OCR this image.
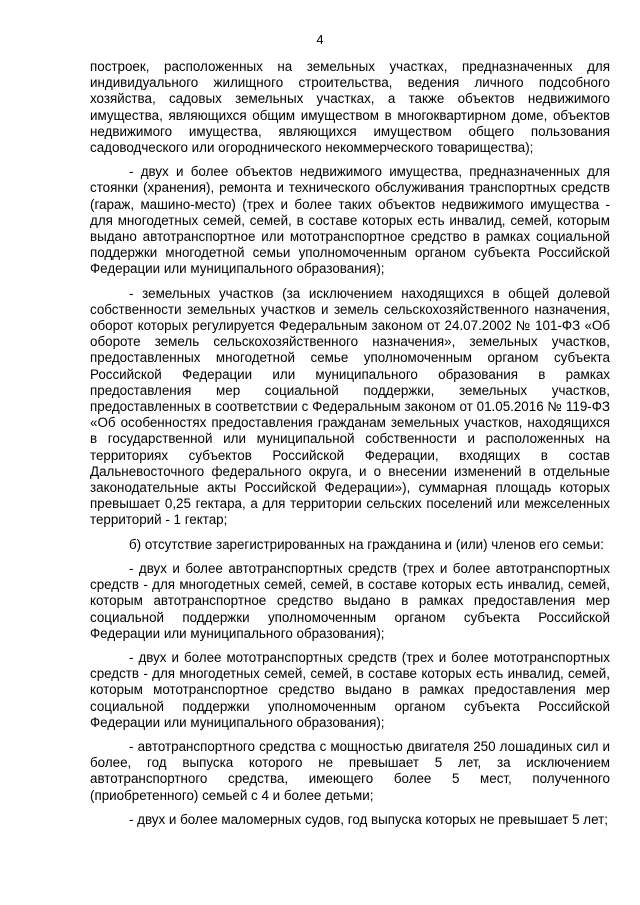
4

построек, расположенных на земельных участках, предназначенных для индивидуального жилищного строительства, ведения личного подсобного хозяйства, садовых земельных участках, а также объектов недвижимого имущества, являющихся общим имуществом в многоквартирном доме, объектов недвижимого имущества, являющихся имуществом общего пользования садоводческого или огороднического некоммерческого товарищества);

- двух и более объектов недвижимого имущества, предназначенных для стоянки (хранения), ремонта и технического обслуживания транспортных средств (гараж, машино-место) (трех и более таких объектов недвижимого имущества - для многодетных семей, семей, в составе которых есть инвалид, семей, которым выдано автотранспортное или мототранспортное средство в рамках социальной поддержки многодетной семьи уполномоченным органом субъекта Российской Федерации или муниципального образования);

- земельных участков (за исключением находящихся в общей долевой собственности земельных участков и земель сельскохозяйственного назначения, оборот которых регулируется Федеральным законом от 24.07.2002 № 101-ФЗ «Об обороте земель сельскохозяйственного назначения», земельных участков, предоставленных многодетной семье уполномоченным органом субъекта Российской Федерации или муниципального образования в рамках предоставления мер социальной поддержки, земельных участков, предоставленных в соответствии с Федеральным законом от 01.05.2016 № 119-ФЗ «Об особенностях предоставления гражданам земельных участков, находящихся в государственной или муниципальной собственности и расположенных на территориях субъектов Российской Федерации, входящих в состав Дальневосточного федерального округа, и о внесении изменений в отдельные законодательные акты Российской Федерации»), суммарная площадь которых превышает 0,25 гектара, а для территории сельских поселений или межселенных территорий - 1 гектар;

б) отсутствие зарегистрированных на гражданина и (или) членов его семьи:

- двух и более автотранспортных средств (трех и более автотранспортных средств - для многодетных семей, семей, в составе которых есть инвалид, семей, которым автотранспортное средство выдано в рамках предоставления мер социальной поддержки уполномоченным органом субъекта Российской Федерации или муниципального образования);

- двух и более мототранспортных средств (трех и более мототранспортных средств - для многодетных семей, семей, в составе которых есть инвалид, семей, которым мототранспортное средство выдано в рамках предоставления мер социальной поддержки уполномоченным органом субъекта Российской Федерации или муниципального образования);

- автотранспортного средства с мощностью двигателя 250 лошадиных сил и более, год выпуска которого не превышает 5 лет, за исключением автотранспортного средства, имеющего более 5 мест, полученного (приобретенного) семьей с 4 и более детьми;

- двух и более маломерных судов, год выпуска которых не превышает 5 лет;
